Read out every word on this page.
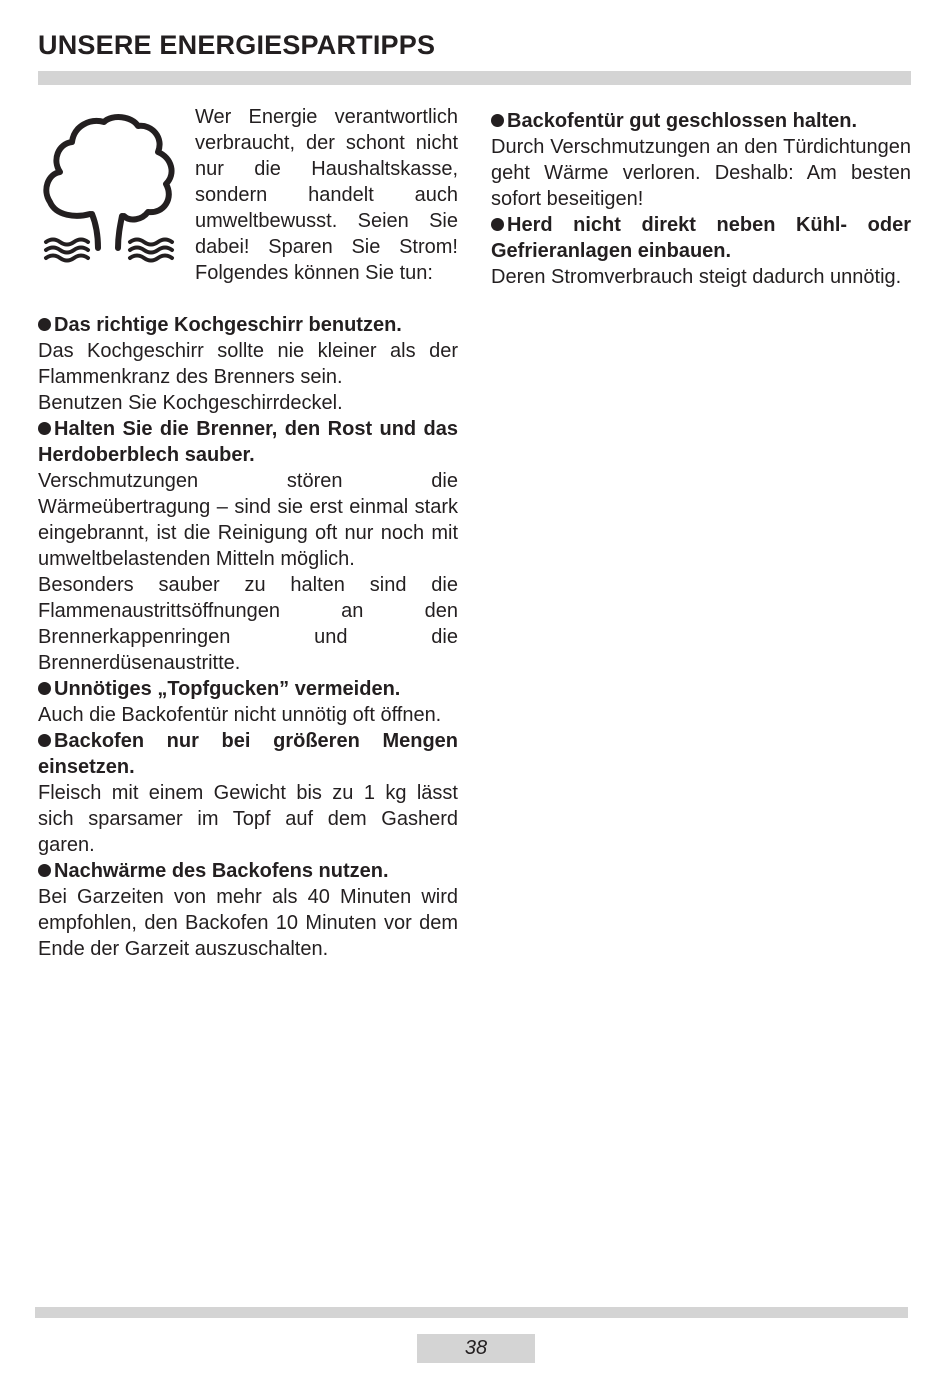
UNSERE ENERGIESPARTIPPS
Wer Energie verantwortlich verbraucht, der schont nicht nur die Haushaltskasse, sondern handelt auch umweltbewusst. Seien Sie dabei! Sparen Sie Strom! Folgendes können Sie tun:
Das richtige Kochgeschirr benutzen.

Das Kochgeschirr sollte nie kleiner als der Flammenkranz des Brenners sein.

Benutzen Sie Kochgeschirrdeckel.

Halten Sie die Brenner, den Rost und das Herdoberblech sauber.

Verschmutzungen stören die Wärmeübertragung – sind sie erst einmal stark eingebrannt, ist die Reinigung oft nur noch mit umweltbelastenden Mitteln möglich.

Besonders sauber zu halten sind die Flammenaustrittsöffnungen an den Brennerkappenringen und die Brennerdüsenaustritte.

Unnötiges „Topfgucken” vermeiden.

Auch die Backofentür nicht unnötig oft öffnen.

Backofen nur bei größeren Mengen einsetzen.

Fleisch mit einem Gewicht bis zu 1 kg lässt sich sparsamer im Topf auf dem Gasherd garen.

Nachwärme des Backofens nutzen.

Bei Garzeiten von mehr als 40 Minuten wird empfohlen, den Backofen 10 Minuten vor dem Ende der Garzeit auszuschalten.

Backofentür gut geschlossen halten.

Durch Verschmutzungen an den Türdichtungen geht Wärme verloren. Deshalb: Am besten sofort beseitigen!

Herd nicht direkt neben Kühl- oder Gefrieranlagen einbauen.

Deren Stromverbrauch steigt dadurch unnötig.

38
